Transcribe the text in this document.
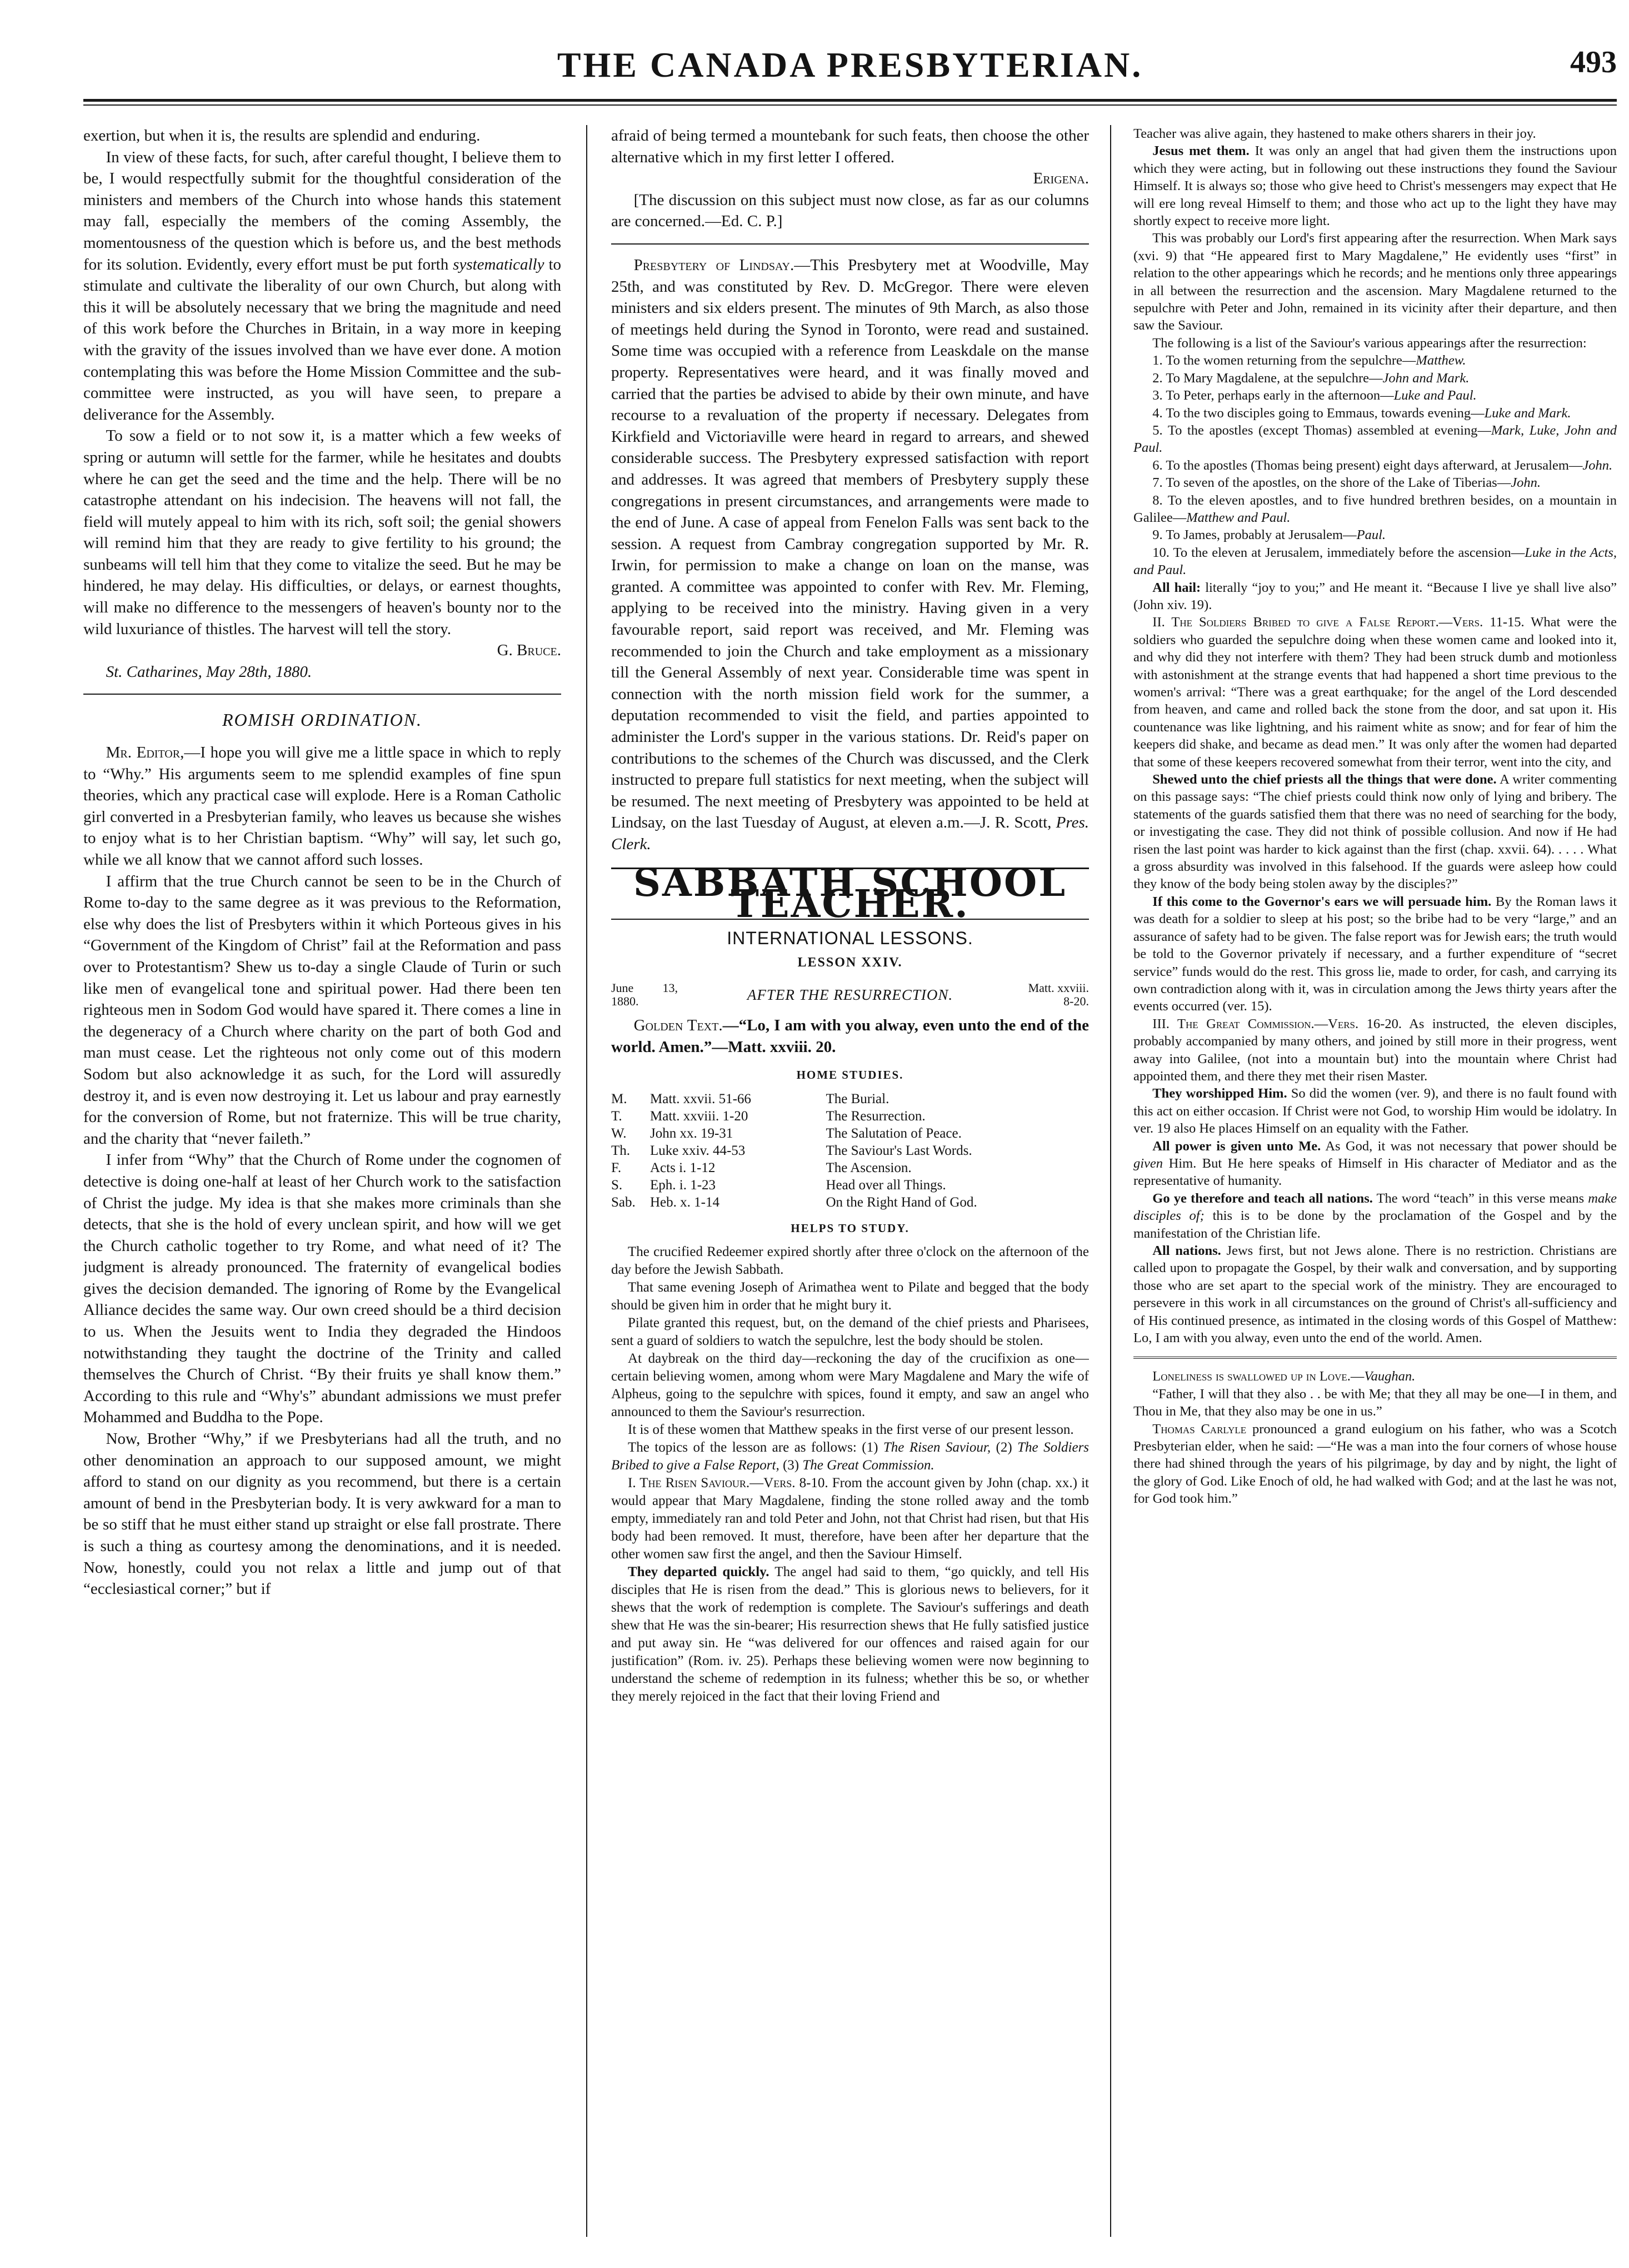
THE CANADA PRESBYTERIAN.	493

exertion, but when it is, the results are splendid and enduring.

In view of these facts, for such, after careful thought, I believe them to be, I would respectfully submit for the thoughtful consideration of the ministers and members of the Church into whose hands this statement may fall, especially the members of the coming Assembly, the momentousness of the question which is before us, and the best methods for its solution. Evidently, every effort must be put forth systematically to stimulate and cultivate the liberality of our own Church, but along with this it will be absolutely necessary that we bring the magnitude and need of this work before the Churches in Britain, in a way more in keeping with the gravity of the issues involved than we have ever done. A motion contemplating this was before the Home Mission Committee and the sub-committee were instructed, as you will have seen, to prepare a deliverance for the Assembly.

To sow a field or to not sow it, is a matter which a few weeks of spring or autumn will settle for the farmer, while he hesitates and doubts where he can get the seed and the time and the help. There will be no catastrophe attendant on his indecision. The heavens will not fall, the field will mutely appeal to him with its rich, soft soil; the genial showers will remind him that they are ready to give fertility to his ground; the sunbeams will tell him that they come to vitalize the seed. But he may be hindered, he may delay. His difficulties, or delays, or earnest thoughts, will make no difference to the messengers of heaven's bounty nor to the wild luxuriance of thistles. The harvest will tell the story.

G. Bruce.

St. Catharines, May 28th, 1880.

ROMISH ORDINATION.

Mr. Editor,—I hope you will give me a little space in which to reply to “Why.” His arguments seem to me splendid examples of fine spun theories, which any practical case will explode. Here is a Roman Catholic girl converted in a Presbyterian family, who leaves us because she wishes to enjoy what is to her Christian baptism. “Why” will say, let such go, while we all know that we cannot afford such losses.

I affirm that the true Church cannot be seen to be in the Church of Rome to-day to the same degree as it was previous to the Reformation, else why does the list of Presbyters within it which Porteous gives in his “Government of the Kingdom of Christ” fail at the Reformation and pass over to Protestantism? Shew us to-day a single Claude of Turin or such like men of evangelical tone and spiritual power. Had there been ten righteous men in Sodom God would have spared it. There comes a line in the degeneracy of a Church where charity on the part of both God and man must cease. Let the righteous not only come out of this modern Sodom but also acknowledge it as such, for the Lord will assuredly destroy it, and is even now destroying it. Let us labour and pray earnestly for the conversion of Rome, but not fraternize. This will be true charity, and the charity that “never faileth.”

I infer from “Why” that the Church of Rome under the cognomen of detective is doing one-half at least of her Church work to the satisfaction of Christ the judge. My idea is that she makes more criminals than she detects, that she is the hold of every unclean spirit, and how will we get the Church catholic together to try Rome, and what need of it? The judgment is already pronounced. The fraternity of evangelical bodies gives the decision demanded. The ignoring of Rome by the Evangelical Alliance decides the same way. Our own creed should be a third decision to us. When the Jesuits went to India they degraded the Hindoos notwithstanding they taught the doctrine of the Trinity and called themselves the Church of Christ. “By their fruits ye shall know them.” According to this rule and “Why's” abundant admissions we must prefer Mohammed and Buddha to the Pope.

Now, Brother “Why,” if we Presbyterians had all the truth, and no other denomination an approach to our supposed amount, we might afford to stand on our dignity as you recommend, but there is a certain amount of bend in the Presbyterian body. It is very awkward for a man to be so stiff that he must either stand up straight or else fall prostrate. There is such a thing as courtesy among the denominations, and it is needed. Now, honestly, could you not relax a little and jump out of that “ecclesiastical corner;” but if

afraid of being termed a mountebank for such feats, then choose the other alternative which in my first letter I offered.

Erigena.

[The discussion on this subject must now close, as far as our columns are concerned.—Ed. C. P.]

Presbytery of Lindsay.—This Presbytery met at Woodville, May 25th, and was constituted by Rev. D. McGregor. There were eleven ministers and six elders present. The minutes of 9th March, as also those of meetings held during the Synod in Toronto, were read and sustained. Some time was occupied with a reference from Leaskdale on the manse property. Representatives were heard, and it was finally moved and carried that the parties be advised to abide by their own minute, and have recourse to a revaluation of the property if necessary. Delegates from Kirkfield and Victoriaville were heard in regard to arrears, and shewed considerable success. The Presbytery expressed satisfaction with report and addresses. It was agreed that members of Presbytery supply these congregations in present circumstances, and arrangements were made to the end of June. A case of appeal from Fenelon Falls was sent back to the session. A request from Cambray congregation supported by Mr. R. Irwin, for permission to make a change on loan on the manse, was granted. A committee was appointed to confer with Rev. Mr. Fleming, applying to be received into the ministry. Having given in a very favourable report, said report was received, and Mr. Fleming was recommended to join the Church and take employment as a missionary till the General Assembly of next year. Considerable time was spent in connection with the north mission field work for the summer, a deputation recommended to visit the field, and parties appointed to administer the Lord's supper in the various stations. Dr. Reid's paper on contributions to the schemes of the Church was discussed, and the Clerk instructed to prepare full statistics for next meeting, when the subject will be resumed. The next meeting of Presbytery was appointed to be held at Lindsay, on the last Tuesday of August, at eleven a.m.—J. R. Scott, Pres. Clerk.

SABBATH SCHOOL TEACHER.

INTERNATIONAL LESSONS.

LESSON XXIV.

June 13, 1880.	AFTER THE RESURRECTION.	Matt. xxviii. 8-20.

Golden Text.—“Lo, I am with you alway, even unto the end of the world. Amen.”—Matt. xxviii. 20.

HOME STUDIES.

M.	Matt. xxvii. 51-66	The Burial.
T.	Matt. xxviii. 1-20	The Resurrection.
W.	John xx. 19-31	The Salutation of Peace.
Th.	Luke xxiv. 44-53	The Saviour's Last Words.
F.	Acts i. 1-12	The Ascension.
S.	Eph. i. 1-23	Head over all Things.
Sab.	Heb. x. 1-14	On the Right Hand of God.

HELPS TO STUDY.

The crucified Redeemer expired shortly after three o'clock on the afternoon of the day before the Jewish Sabbath.

That same evening Joseph of Arimathea went to Pilate and begged that the body should be given him in order that he might bury it.

Pilate granted this request, but, on the demand of the chief priests and Pharisees, sent a guard of soldiers to watch the sepulchre, lest the body should be stolen.

At daybreak on the third day—reckoning the day of the crucifixion as one—certain believing women, among whom were Mary Magdalene and Mary the wife of Alpheus, going to the sepulchre with spices, found it empty, and saw an angel who announced to them the Saviour's resurrection.

It is of these women that Matthew speaks in the first verse of our present lesson.

The topics of the lesson are as follows: (1) The Risen Saviour, (2) The Soldiers Bribed to give a False Report, (3) The Great Commission.

I. The Risen Saviour.—Vers. 8-10. From the account given by John (chap. xx.) it would appear that Mary Magdalene, finding the stone rolled away and the tomb empty, immediately ran and told Peter and John, not that Christ had risen, but that His body had been removed. It must, therefore, have been after her departure that the other women saw first the angel, and then the Saviour Himself.

They departed quickly. The angel had said to them, “go quickly, and tell His disciples that He is risen from the dead.” This is glorious news to believers, for it shews that the work of redemption is complete. The Saviour's sufferings and death shew that He was the sin-bearer; His resurrection shews that He fully satisfied justice and put away sin. He “was delivered for our offences and raised again for our justification” (Rom. iv. 25). Perhaps these believing women were now beginning to understand the scheme of redemption in its fulness; whether this be so, or whether they merely rejoiced in the fact that their loving Friend and

Teacher was alive again, they hastened to make others sharers in their joy.

Jesus met them. It was only an angel that had given them the instructions upon which they were acting, but in following out these instructions they found the Saviour Himself. It is always so; those who give heed to Christ's messengers may expect that He will ere long reveal Himself to them; and those who act up to the light they have may shortly expect to receive more light.

This was probably our Lord's first appearing after the resurrection. When Mark says (xvi. 9) that “He appeared first to Mary Magdalene,” He evidently uses “first” in relation to the other appearings which he records; and he mentions only three appearings in all between the resurrection and the ascension. Mary Magdalene returned to the sepulchre with Peter and John, remained in its vicinity after their departure, and then saw the Saviour.

The following is a list of the Saviour's various appearings after the resurrection:

1. To the women returning from the sepulchre—Matthew.

2. To Mary Magdalene, at the sepulchre—John and Mark.

3. To Peter, perhaps early in the afternoon—Luke and Paul.

4. To the two disciples going to Emmaus, towards evening—Luke and Mark.

5. To the apostles (except Thomas) assembled at evening—Mark, Luke, John and Paul.

6. To the apostles (Thomas being present) eight days afterward, at Jerusalem—John.

7. To seven of the apostles, on the shore of the Lake of Tiberias—John.

8. To the eleven apostles, and to five hundred brethren besides, on a mountain in Galilee—Matthew and Paul.

9. To James, probably at Jerusalem—Paul.

10. To the eleven at Jerusalem, immediately before the ascension—Luke in the Acts, and Paul.

All hail: literally “joy to you;” and He meant it. “Because I live ye shall live also” (John xiv. 19).

II. The Soldiers Bribed to give a False Report.—Vers. 11-15. What were the soldiers who guarded the sepulchre doing when these women came and looked into it, and why did they not interfere with them? They had been struck dumb and motionless with astonishment at the strange events that had happened a short time previous to the women's arrival: “There was a great earthquake; for the angel of the Lord descended from heaven, and came and rolled back the stone from the door, and sat upon it. His countenance was like lightning, and his raiment white as snow; and for fear of him the keepers did shake, and became as dead men.” It was only after the women had departed that some of these keepers recovered somewhat from their terror, went into the city, and

Shewed unto the chief priests all the things that were done. A writer commenting on this passage says: “The chief priests could think now only of lying and bribery. The statements of the guards satisfied them that there was no need of searching for the body, or investigating the case. They did not think of possible collusion. And now if He had risen the last point was harder to kick against than the first (chap. xxvii. 64). . . . . What a gross absurdity was involved in this falsehood. If the guards were asleep how could they know of the body being stolen away by the disciples?”

If this come to the Governor's ears we will persuade him. By the Roman laws it was death for a soldier to sleep at his post; so the bribe had to be very “large,” and an assurance of safety had to be given. The false report was for Jewish ears; the truth would be told to the Governor privately if necessary, and a further expenditure of “secret service” funds would do the rest. This gross lie, made to order, for cash, and carrying its own contradiction along with it, was in circulation among the Jews thirty years after the events occurred (ver. 15).

III. The Great Commission.—Vers. 16-20. As instructed, the eleven disciples, probably accompanied by many others, and joined by still more in their progress, went away into Galilee, (not into a mountain but) into the mountain where Christ had appointed them, and there they met their risen Master.

They worshipped Him. So did the women (ver. 9), and there is no fault found with this act on either occasion. If Christ were not God, to worship Him would be idolatry. In ver. 19 also He places Himself on an equality with the Father.

All power is given unto Me. As God, it was not necessary that power should be given Him. But He here speaks of Himself in His character of Mediator and as the representative of humanity.

Go ye therefore and teach all nations. The word “teach” in this verse means make disciples of; this is to be done by the proclamation of the Gospel and by the manifestation of the Christian life.

All nations. Jews first, but not Jews alone. There is no restriction. Christians are called upon to propagate the Gospel, by their walk and conversation, and by supporting those who are set apart to the special work of the ministry. They are encouraged to persevere in this work in all circumstances on the ground of Christ's all-sufficiency and of His continued presence, as intimated in the closing words of this Gospel of Matthew: Lo, I am with you alway, even unto the end of the world. Amen.

Loneliness is swallowed up in Love.—Vaughan.

“Father, I will that they also . . be with Me; that they all may be one—I in them, and Thou in Me, that they also may be one in us.”

Thomas Carlyle pronounced a grand eulogium on his father, who was a Scotch Presbyterian elder, when he said: —“He was a man into the four corners of whose house there had shined through the years of his pilgrimage, by day and by night, the light of the glory of God. Like Enoch of old, he had walked with God; and at the last he was not, for God took him.”
